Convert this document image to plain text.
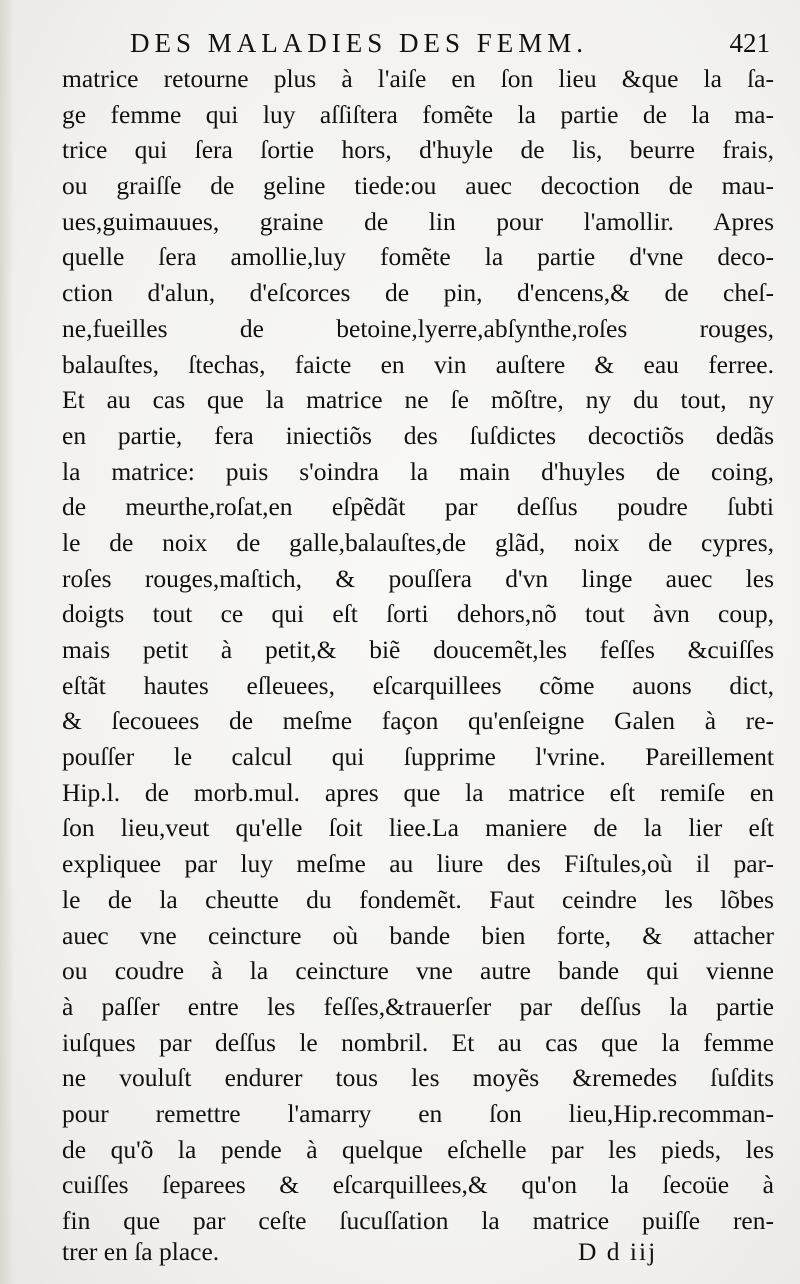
DES MALADIES DES FEMM.	421
matrice retourne plus à l'aiſe en ſon lieu &que la ſa-
ge femme qui luy aſſiſtera fomẽte la partie de la ma-
trice qui ſera ſortie hors, d'huyle de lis, beurre frais,
ou graiſſe de geline tiede:ou auec decoction de mau-
ues,guimauues, graine de lin pour l'amollir. Apres
quelle ſera amollie,luy fomẽte la partie d'vne deco-
ction d'alun, d'eſcorces de pin, d'encens,& de cheſ-
ne,fueilles de betoine,lyerre,abſynthe,roſes rouges,
balauſtes, ſtechas, faicte en vin auſtere & eau ferree.
Et au cas que la matrice ne ſe mõſtre, ny du tout, ny
en partie, fera iniectiõs des ſuſdictes decoctiõs dedãs
la matrice: puis s'oindra la main d'huyles de coing,
de meurthe,roſat,en eſpẽdãt par deſſus poudre ſubti
le de noix de galle,balauſtes,de glãd, noix de cypres,
roſes rouges,maſtich, & pouſſera d'vn linge auec les
doigts tout ce qui eſt ſorti dehors,nõ tout àvn coup,
mais petit à petit,& biẽ doucemẽt,les feſſes &cuiſſes
eſtãt hautes eſleuees, eſcarquillees cõme auons dict,
& ſecouees de meſme façon qu'enſeigne Galen à re-
pouſſer le calcul qui ſupprime l'vrine. Pareillement
Hip.l. de morb.mul. apres que la matrice eſt remiſe en
ſon lieu,veut qu'elle ſoit liee.La maniere de la lier eſt
expliquee par luy meſme au liure des Fiſtules,où il par-
le de la cheutte du fondemẽt. Faut ceindre les lõbes
auec vne ceincture où bande bien forte, & attacher
ou coudre à la ceincture vne autre bande qui vienne
à paſſer entre les feſſes,&trauerſer par deſſus la partie
iuſques par deſſus le nombril. Et au cas que la femme
ne vouluſt endurer tous les moyẽs &remedes ſuſdits
pour remettre l'amarry en ſon lieu,Hip.recomman-
de qu'õ la pende à quelque eſchelle par les pieds, les
cuiſſes ſeparees & eſcarquillees,& qu'on la ſecoüe à
fin que par ceſte ſucuſſation la matrice puiſſe ren-
trer en ſa place.	D d iij
